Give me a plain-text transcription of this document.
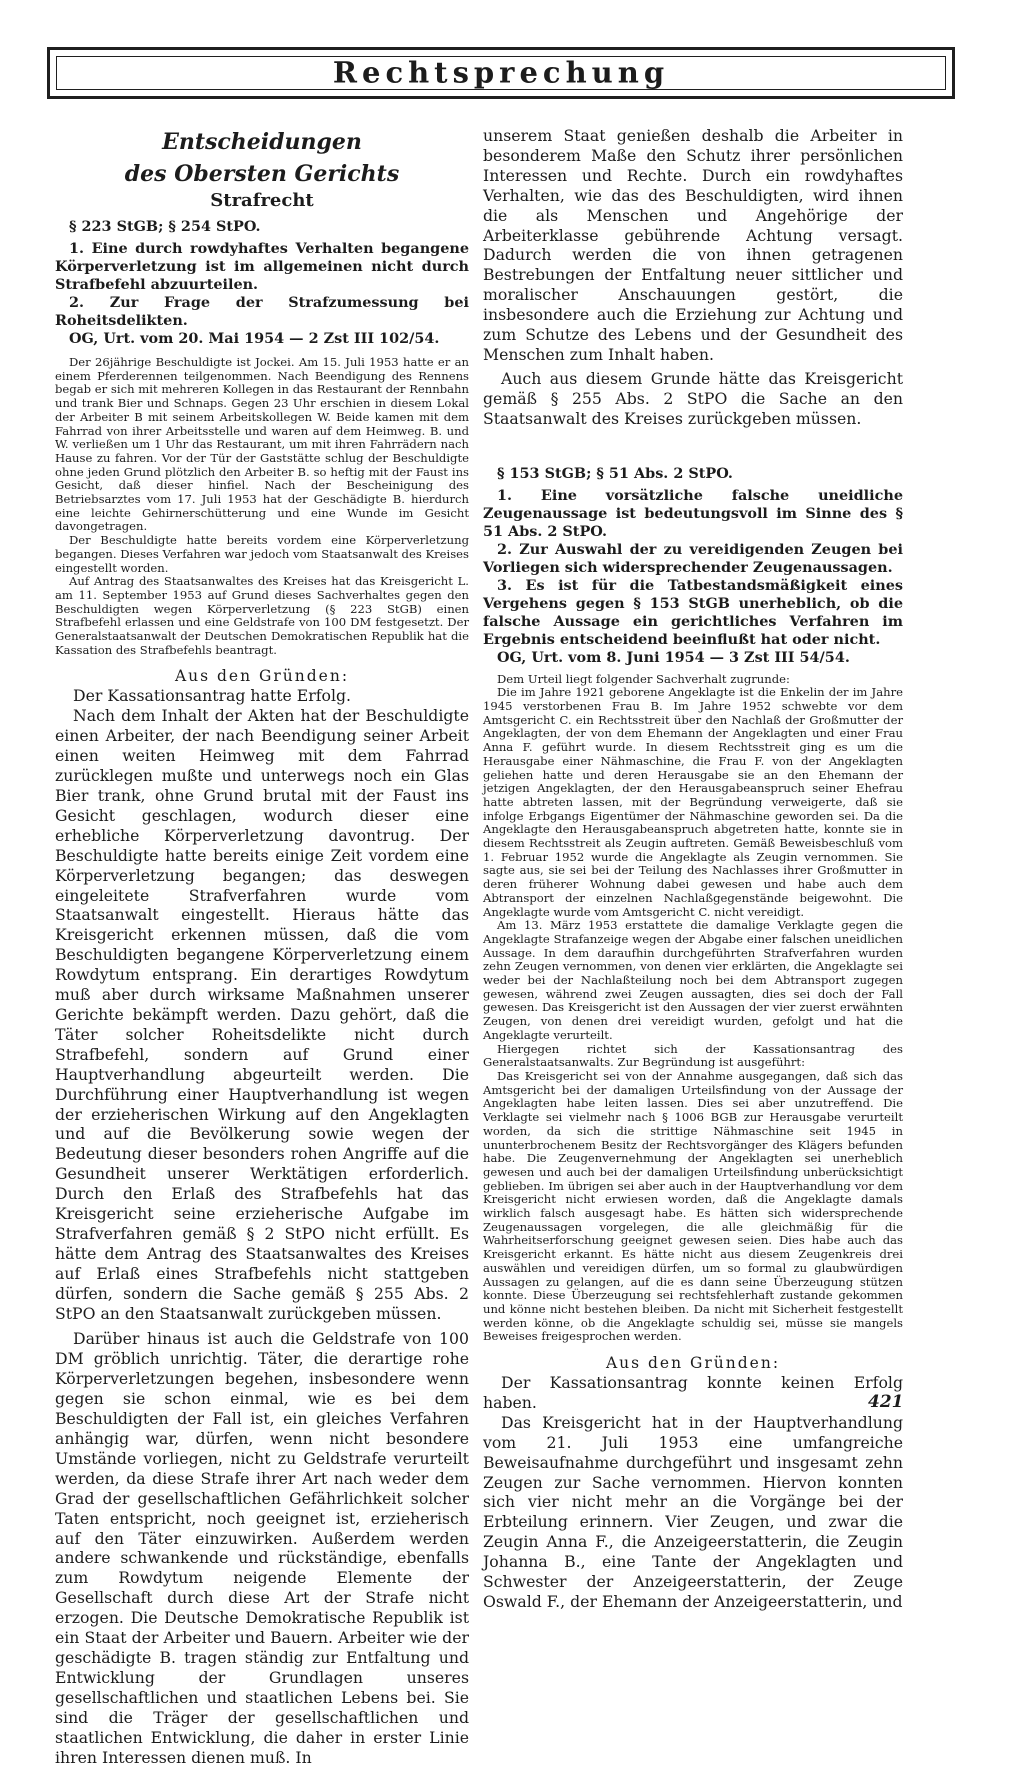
Rechtsprechung
Entscheidungen
des Obersten Gerichts
Strafrecht

§ 223 StGB; § 254 StPO.

1. Eine durch rowdyhaftes Verhalten begangene Körperverletzung ist im allgemeinen nicht durch Strafbefehl abzuurteilen.

2. Zur Frage der Strafzumessung bei Roheitsdelikten.

OG, Urt. vom 20. Mai 1954 — 2 Zst III 102/54.

Der 26jährige Beschuldigte ist Jockei. Am 15. Juli 1953 hatte er an einem Pferderennen teilgenommen. Nach Beendigung des Rennens begab er sich mit mehreren Kollegen in das Restaurant der Rennbahn und trank Bier und Schnaps. Gegen 23 Uhr erschien in diesem Lokal der Arbeiter B mit seinem Arbeitskollegen W. Beide kamen mit dem Fahrrad von ihrer Arbeitsstelle und waren auf dem Heimweg. B. und W. verließen um 1 Uhr das Restaurant, um mit ihren Fahrrädern nach Hause zu fahren. Vor der Tür der Gaststätte schlug der Beschuldigte ohne jeden Grund plötzlich den Arbeiter B. so heftig mit der Faust ins Gesicht, daß dieser hinfiel. Nach der Bescheinigung des Betriebsarztes vom 17. Juli 1953 hat der Geschädigte B. hierdurch eine leichte Gehirnerschütterung und eine Wunde im Gesicht davongetragen.

Der Beschuldigte hatte bereits vordem eine Körperverletzung begangen. Dieses Verfahren war jedoch vom Staatsanwalt des Kreises eingestellt worden.

Auf Antrag des Staatsanwaltes des Kreises hat das Kreisgericht L. am 11. September 1953 auf Grund dieses Sachverhaltes gegen den Beschuldigten wegen Körperverletzung (§ 223 StGB) einen Strafbefehl erlassen und eine Geldstrafe von 100 DM festgesetzt. Der Generalstaatsanwalt der Deutschen Demokratischen Republik hat die Kassation des Strafbefehls beantragt.

Aus den Gründen:

Der Kassationsantrag hatte Erfolg.

Nach dem Inhalt der Akten hat der Beschuldigte einen Arbeiter, der nach Beendigung seiner Arbeit einen weiten Heimweg mit dem Fahrrad zurücklegen mußte und unterwegs noch ein Glas Bier trank, ohne Grund brutal mit der Faust ins Gesicht geschlagen, wodurch dieser eine erhebliche Körperverletzung davontrug. Der Beschuldigte hatte bereits einige Zeit vordem eine Körperverletzung begangen; das deswegen eingeleitete Strafverfahren wurde vom Staatsanwalt eingestellt. Hieraus hätte das Kreisgericht erkennen müssen, daß die vom Beschuldigten begangene Körperverletzung einem Rowdytum entsprang. Ein derartiges Rowdytum muß aber durch wirksame Maßnahmen unserer Gerichte bekämpft werden. Dazu gehört, daß die Täter solcher Roheitsdelikte nicht durch Strafbefehl, sondern auf Grund einer Hauptverhandlung abgeurteilt werden. Die Durchführung einer Hauptverhandlung ist wegen der erzieherischen Wirkung auf den Angeklagten und auf die Bevölkerung sowie wegen der Bedeutung dieser besonders rohen Angriffe auf die Gesundheit unserer Werktätigen erforderlich. Durch den Erlaß des Strafbefehls hat das Kreisgericht seine erzieherische Aufgabe im Strafverfahren gemäß § 2 StPO nicht erfüllt. Es hätte dem Antrag des Staatsanwaltes des Kreises auf Erlaß eines Strafbefehls nicht stattgeben dürfen, sondern die Sache gemäß § 255 Abs. 2 StPO an den Staatsanwalt zurückgeben müssen.

Darüber hinaus ist auch die Geldstrafe von 100 DM gröblich unrichtig. Täter, die derartige rohe Körperverletzungen begehen, insbesondere wenn gegen sie schon einmal, wie es bei dem Beschuldigten der Fall ist, ein gleiches Verfahren anhängig war, dürfen, wenn nicht besondere Umstände vorliegen, nicht zu Geldstrafe verurteilt werden, da diese Strafe ihrer Art nach weder dem Grad der gesellschaftlichen Gefährlichkeit solcher Taten entspricht, noch geeignet ist, erzieherisch auf den Täter einzuwirken. Außerdem werden andere schwankende und rückständige, ebenfalls zum Rowdytum neigende Elemente der Gesellschaft durch diese Art der Strafe nicht erzogen. Die Deutsche Demokratische Republik ist ein Staat der Arbeiter und Bauern. Arbeiter wie der geschädigte B. tragen ständig zur Entfaltung und Entwicklung der Grundlagen unseres gesellschaftlichen und staatlichen Lebens bei. Sie sind die Träger der gesellschaftlichen und staatlichen Entwicklung, die daher in erster Linie ihren Interessen dienen muß. In

unserem Staat genießen deshalb die Arbeiter in besonderem Maße den Schutz ihrer persönlichen Interessen und Rechte. Durch ein rowdyhaftes Verhalten, wie das des Beschuldigten, wird ihnen die als Menschen und Angehörige der Arbeiterklasse gebührende Achtung versagt. Dadurch werden die von ihnen getragenen Bestrebungen der Entfaltung neuer sittlicher und moralischer Anschauungen gestört, die insbesondere auch die Erziehung zur Achtung und zum Schutze des Lebens und der Gesundheit des Menschen zum Inhalt haben.

Auch aus diesem Grunde hätte das Kreisgericht gemäß § 255 Abs. 2 StPO die Sache an den Staatsanwalt des Kreises zurückgeben müssen.

§ 153 StGB; § 51 Abs. 2 StPO.

1. Eine vorsätzliche falsche uneidliche Zeugenaussage ist bedeutungsvoll im Sinne des § 51 Abs. 2 StPO.

2. Zur Auswahl der zu vereidigenden Zeugen bei Vorliegen sich widersprechender Zeugenaussagen.

3. Es ist für die Tatbestandsmäßigkeit eines Vergehens gegen § 153 StGB unerheblich, ob die falsche Aussage ein gerichtliches Verfahren im Ergebnis entscheidend beeinflußt hat oder nicht.

OG, Urt. vom 8. Juni 1954 — 3 Zst III 54/54.

Dem Urteil liegt folgender Sachverhalt zugrunde:

Die im Jahre 1921 geborene Angeklagte ist die Enkelin der im Jahre 1945 verstorbenen Frau B. Im Jahre 1952 schwebte vor dem Amtsgericht C. ein Rechtsstreit über den Nachlaß der Großmutter der Angeklagten, der von dem Ehemann der Angeklagten und einer Frau Anna F. geführt wurde. In diesem Rechtsstreit ging es um die Herausgabe einer Nähmaschine, die Frau F. von der Angeklagten geliehen hatte und deren Herausgabe sie an den Ehemann der jetzigen Angeklagten, der den Herausgabeanspruch seiner Ehefrau hatte abtreten lassen, mit der Begründung verweigerte, daß sie infolge Erbgangs Eigentümer der Nähmaschine geworden sei. Da die Angeklagte den Herausgabeanspruch abgetreten hatte, konnte sie in diesem Rechtsstreit als Zeugin auftreten. Gemäß Beweisbeschluß vom 1. Februar 1952 wurde die Angeklagte als Zeugin vernommen. Sie sagte aus, sie sei bei der Teilung des Nachlasses ihrer Großmutter in deren früherer Wohnung dabei gewesen und habe auch dem Abtransport der einzelnen Nachlaßgegenstände beigewohnt. Die Angeklagte wurde vom Amtsgericht C. nicht vereidigt.

Am 13. März 1953 erstattete die damalige Verklagte gegen die Angeklagte Strafanzeige wegen der Abgabe einer falschen uneidlichen Aussage. In dem daraufhin durchgeführten Strafverfahren wurden zehn Zeugen vernommen, von denen vier erklärten, die Angeklagte sei weder bei der Nachlaßteilung noch bei dem Abtransport zugegen gewesen, während zwei Zeugen aussagten, dies sei doch der Fall gewesen. Das Kreisgericht ist den Aussagen der vier zuerst erwähnten Zeugen, von denen drei vereidigt wurden, gefolgt und hat die Angeklagte verurteilt.

Hiergegen richtet sich der Kassationsantrag des Generalstaatsanwalts. Zur Begründung ist ausgeführt:

Das Kreisgericht sei von der Annahme ausgegangen, daß sich das Amtsgericht bei der damaligen Urteilsfindung von der Aussage der Angeklagten habe leiten lassen. Dies sei aber unzutreffend. Die Verklagte sei vielmehr nach § 1006 BGB zur Herausgabe verurteilt worden, da sich die strittige Nähmaschine seit 1945 in ununterbrochenem Besitz der Rechtsvorgänger des Klägers befunden habe. Die Zeugenvernehmung der Angeklagten sei unerheblich gewesen und auch bei der damaligen Urteilsfindung unberücksichtigt geblieben. Im übrigen sei aber auch in der Hauptverhandlung vor dem Kreisgericht nicht erwiesen worden, daß die Angeklagte damals wirklich falsch ausgesagt habe. Es hätten sich widersprechende Zeugenaussagen vorgelegen, die alle gleichmäßig für die Wahrheitserforschung geeignet gewesen seien. Dies habe auch das Kreisgericht erkannt. Es hätte nicht aus diesem Zeugenkreis drei auswählen und vereidigen dürfen, um so formal zu glaubwürdigen Aussagen zu gelangen, auf die es dann seine Überzeugung stützen konnte. Diese Überzeugung sei rechtsfehlerhaft zustande gekommen und könne nicht bestehen bleiben. Da nicht mit Sicherheit festgestellt werden könne, ob die Angeklagte schuldig sei, müsse sie mangels Beweises freigesprochen werden.

Aus den Gründen:

Der Kassationsantrag konnte keinen Erfolg haben.

Das Kreisgericht hat in der Hauptverhandlung vom 21. Juli 1953 eine umfangreiche Beweisaufnahme durchgeführt und insgesamt zehn Zeugen zur Sache vernommen. Hiervon konnten sich vier nicht mehr an die Vorgänge bei der Erbteilung erinnern. Vier Zeugen, und zwar die Zeugin Anna F., die Anzeigeerstatterin, die Zeugin Johanna B., eine Tante der Angeklagten und Schwester der Anzeigeerstatterin, der Zeuge Oswald F., der Ehemann der Anzeigeerstatterin, und

421
